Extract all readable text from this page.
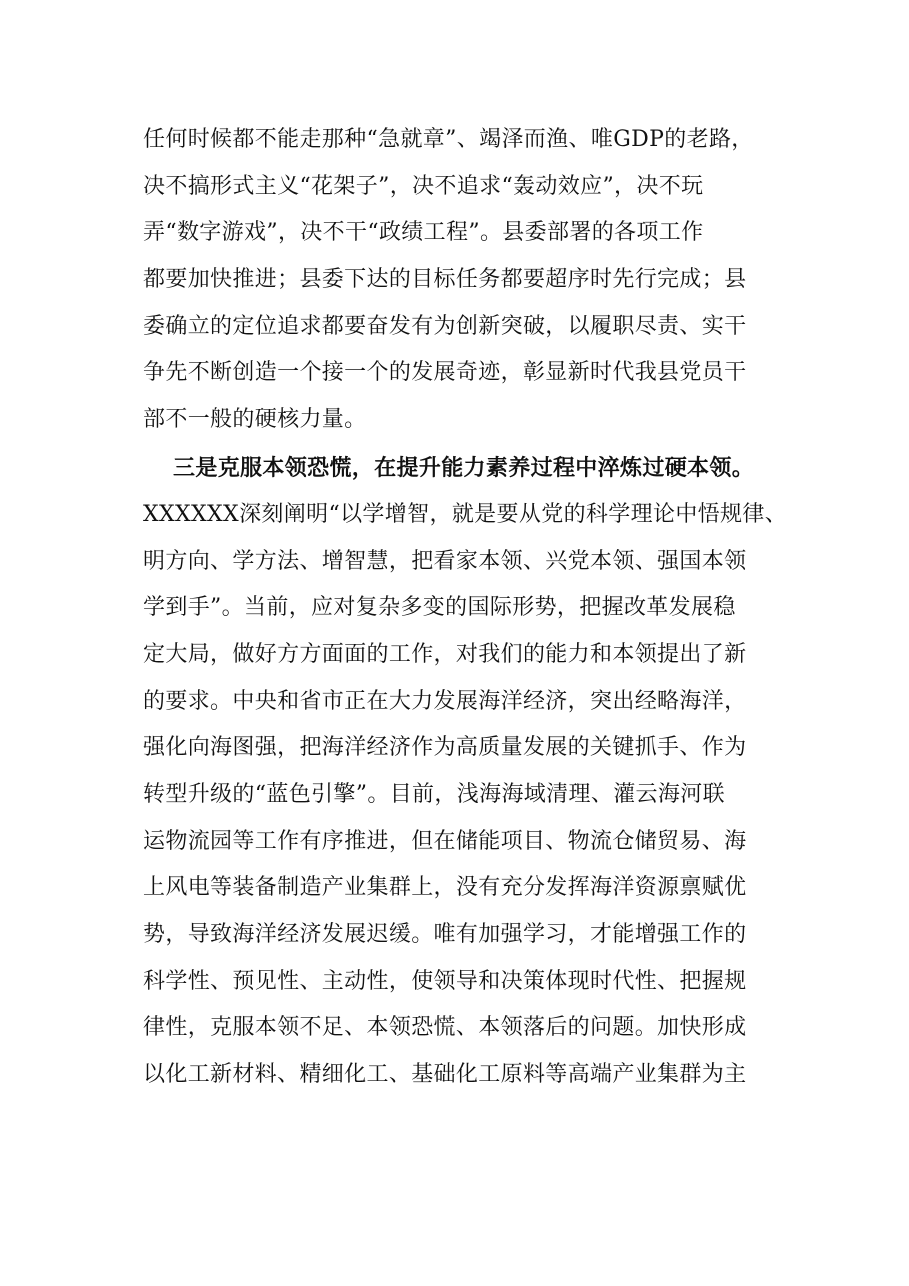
任何时候都不能走那种“急就章”、竭泽而渔、唯GDP的老路，
决不搞形式主义“花架子”，决不追求“轰动效应”，决不玩
弄“数字游戏”，决不干“政绩工程”。县委部署的各项工作
都要加快推进；县委下达的目标任务都要超序时先行完成；县
委确立的定位追求都要奋发有为创新突破，以履职尽责、实干
争先不断创造一个接一个的发展奇迹，彰显新时代我县党员干
部不一般的硬核力量。
三是克服本领恐慌，在提升能力素养过程中淬炼过硬本领。
XXXXXX深刻阐明“以学增智，就是要从党的科学理论中悟规律、
明方向、学方法、增智慧，把看家本领、兴党本领、强国本领
学到手”。当前，应对复杂多变的国际形势，把握改革发展稳
定大局，做好方方面面的工作，对我们的能力和本领提出了新
的要求。中央和省市正在大力发展海洋经济，突出经略海洋，
强化向海图强，把海洋经济作为高质量发展的关键抓手、作为
转型升级的“蓝色引擎”。目前，浅海海域清理、灌云海河联
运物流园等工作有序推进，但在储能项目、物流仓储贸易、海
上风电等装备制造产业集群上，没有充分发挥海洋资源禀赋优
势，导致海洋经济发展迟缓。唯有加强学习，才能增强工作的
科学性、预见性、主动性，使领导和决策体现时代性、把握规
律性，克服本领不足、本领恐慌、本领落后的问题。加快形成
以化工新材料、精细化工、基础化工原料等高端产业集群为主
